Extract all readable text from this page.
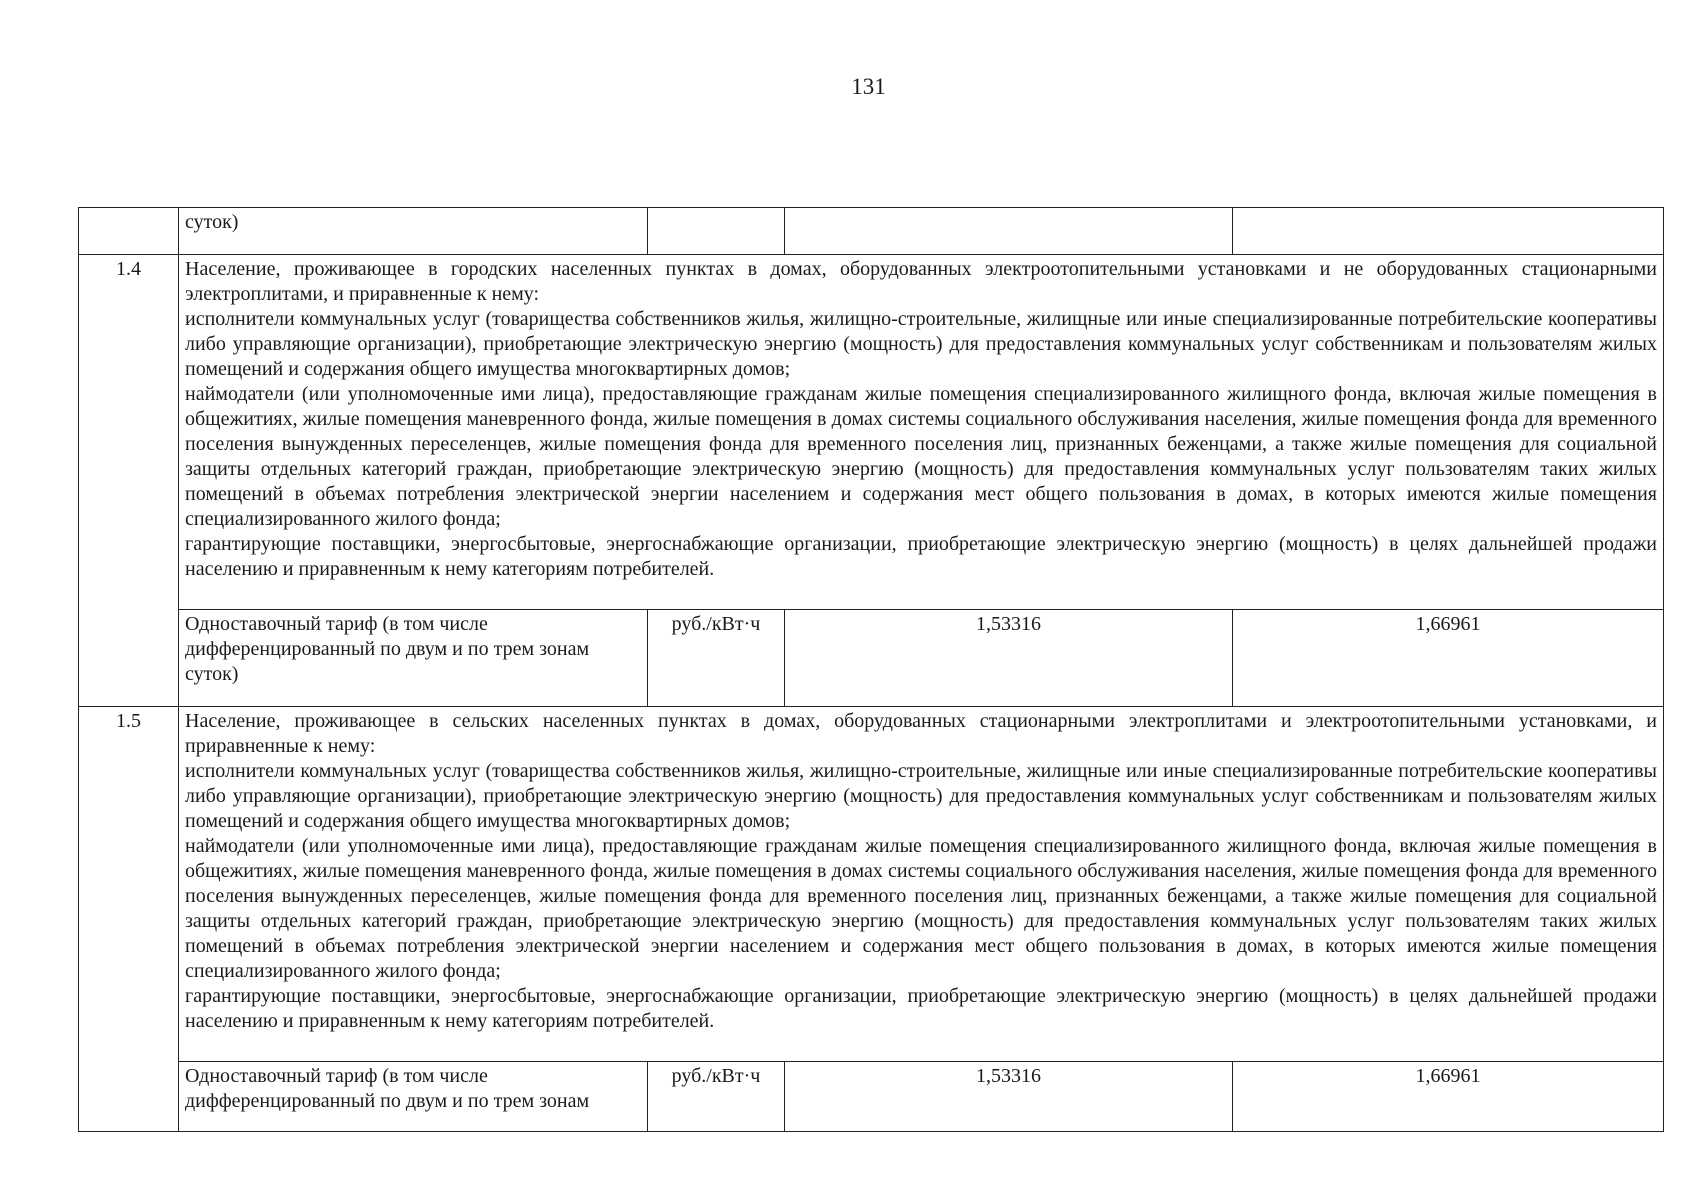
131
	суток)			
1.4	Население, проживающее в городских населенных пунктах в домах, оборудованных электроотопительными установками и не оборудованных стационарными электроплитами, и приравненные к нему:

исполнители коммунальных услуг (товарищества собственников жилья, жилищно-строительные, жилищные или иные специализированные потребительские кооперативы либо управляющие организации), приобретающие электрическую энергию (мощность) для предоставления коммунальных услуг собственникам и пользователям жилых помещений и содержания общего имущества многоквартирных домов;

наймодатели (или уполномоченные ими лица), предоставляющие гражданам жилые помещения специализированного жилищного фонда, включая жилые помещения в общежитиях, жилые помещения маневренного фонда, жилые помещения в домах системы социального обслуживания населения, жилые помещения фонда для временного поселения вынужденных переселенцев, жилые помещения фонда для временного поселения лиц, признанных беженцами, а также жилые помещения для социальной защиты отдельных категорий граждан, приобретающие электрическую энергию (мощность) для предоставления коммунальных услуг пользователям таких жилых помещений в объемах потребления электрической энергии населением и содержания мест общего пользования в домах, в которых имеются жилые помещения специализированного жилого фонда;

гарантирующие поставщики, энергосбытовые, энергоснабжающие организации, приобретающие электрическую энергию (мощность) в целях дальнейшей продажи населению и приравненным к нему категориям потребителей.			

	Одноставочный тариф (в том числе дифференцированный по двум и по трем зонам суток)	руб./кВт·ч	1,53316	1,66961
1.5	Население, проживающее в сельских населенных пунктах в домах, оборудованных стационарными электроплитами и электроотопительными установками, и приравненные к нему:

исполнители коммунальных услуг (товарищества собственников жилья, жилищно-строительные, жилищные или иные специализированные потребительские кооперативы либо управляющие организации), приобретающие электрическую энергию (мощность) для предоставления коммунальных услуг собственникам и пользователям жилых помещений и содержания общего имущества многоквартирных домов;

наймодатели (или уполномоченные ими лица), предоставляющие гражданам жилые помещения специализированного жилищного фонда, включая жилые помещения в общежитиях, жилые помещения маневренного фонда, жилые помещения в домах системы социального обслуживания населения, жилые помещения фонда для временного поселения вынужденных переселенцев, жилые помещения фонда для временного поселения лиц, признанных беженцами, а также жилые помещения для социальной защиты отдельных категорий граждан, приобретающие электрическую энергию (мощность) для предоставления коммунальных услуг пользователям таких жилых помещений в объемах потребления электрической энергии населением и содержания мест общего пользования в домах, в которых имеются жилые помещения специализированного жилого фонда;

гарантирующие поставщики, энергосбытовые, энергоснабжающие организации, приобретающие электрическую энергию (мощность) в целях дальнейшей продажи населению и приравненным к нему категориям потребителей.			

	Одноставочный тариф (в том числе дифференцированный по двум и по трем зонам	руб./кВт·ч	1,53316	1,66961
